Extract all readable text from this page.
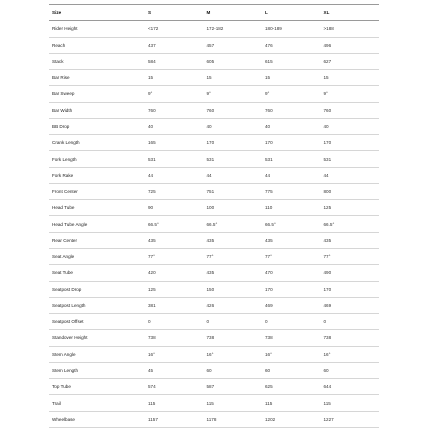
Size	S	M	L	XL
Rider Height	<172	172-182	180-189	>188
Reach	437	457	476	496
Stack	584	605	615	627
Bar Rise	15	15	15	15
Bar Sweep	9°	9°	9°	9°
Bar Width	760	760	760	760
BB Drop	40	40	40	40
Crank Length	165	170	170	170
Fork Length	531	531	531	531
Fork Rake	44	44	44	44
Front Center	725	751	775	800
Head Tube	90	100	110	125
Head Tube Angle	66.5°	66.5°	66.5°	66.5°
Rear Center	435	435	435	435
Seat Angle	77°	77°	77°	77°
Seat Tube	420	435	470	490
Seatpost Drop	125	150	170	170
Seatpost Length	381	426	469	469
Seatpost Offset	0	0	0	0
Standover Height	738	738	738	738
Stem Angle	16°	16°	16°	16°
Stem Length	45	60	60	60
Top Tube	574	587	625	644
Trail	115	115	115	115
Wheelbase	1157	1178	1202	1227
